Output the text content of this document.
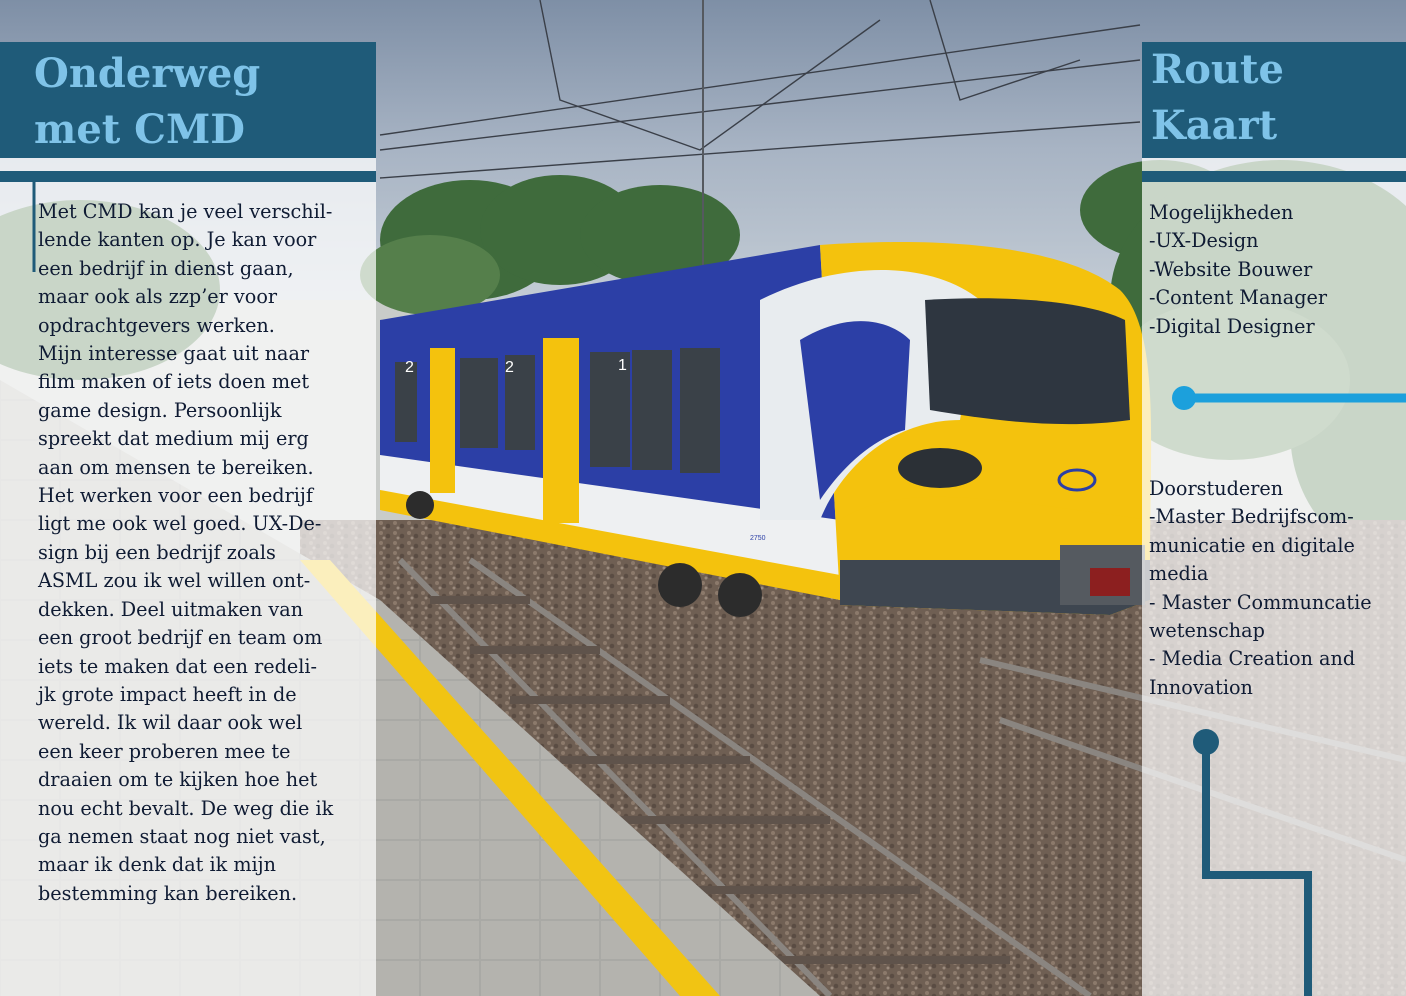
2	2	1
2750
Onderweg
met CMD
Met CMD kan je veel verschil-
lende kanten op. Je kan voor
een bedrijf in dienst gaan,
maar ook als zzp’er voor
opdrachtgevers werken.
Mijn interesse gaat uit naar
film maken of iets doen met
game design. Persoonlijk
spreekt dat medium mij erg
aan om mensen te bereiken.
Het werken voor een bedrijf
ligt me ook wel goed. UX-De-
sign bij een bedrijf zoals
ASML zou ik wel willen ont-
dekken. Deel uitmaken van
een groot bedrijf en team om
iets te maken dat een redeli-
jk grote impact heeft in de
wereld. Ik wil daar ook wel
een keer proberen mee te
draaien om te kijken hoe het
nou echt bevalt. De weg die ik
ga nemen staat nog niet vast,
maar ik denk dat ik mijn
bestemming kan bereiken.
Route
Kaart
Mogelijkheden
-UX-Design
-Website Bouwer
-Content Manager
-Digital Designer
Doorstuderen
-Master Bedrijfscom-
municatie en digitale
media
- Master Communcatie
wetenschap
- Media Creation and
Innovation
